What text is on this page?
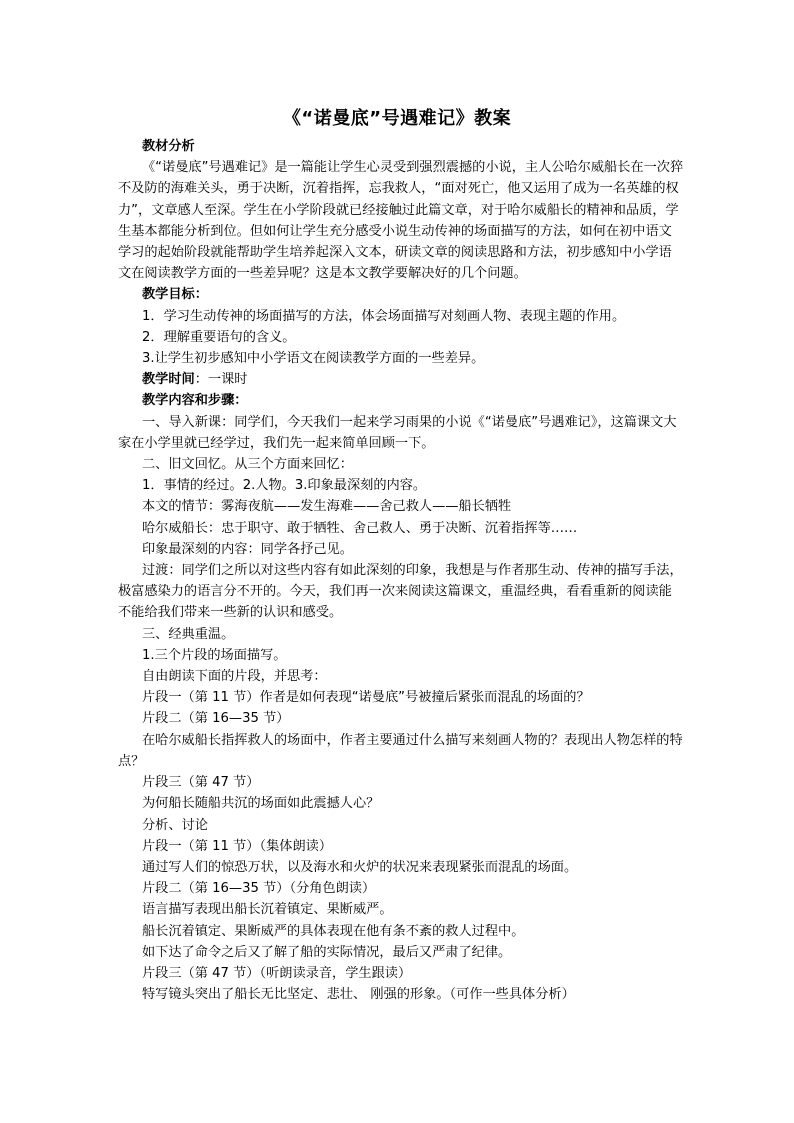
《“诺曼底”号遇难记》教案

教材分析

《“诺曼底”号遇难记》是一篇能让学生心灵受到强烈震撼的小说，主人公哈尔威船长在一次猝不及防的海难关头，勇于决断，沉着指挥，忘我救人，“面对死亡，他又运用了成为一名英雄的权力”，文章感人至深。学生在小学阶段就已经接触过此篇文章，对于哈尔威船长的精神和品质，学生基本都能分析到位。但如何让学生充分感受小说生动传神的场面描写的方法，如何在初中语文学习的起始阶段就能帮助学生培养起深入文本，研读文章的阅读思路和方法，初步感知中小学语文在阅读教学方面的一些差异呢？这是本文教学要解决好的几个问题。

教学目标：

1．学习生动传神的场面描写的方法，体会场面描写对刻画人物、表现主题的作用。

2．理解重要语句的含义。

3.让学生初步感知中小学语文在阅读教学方面的一些差异。

教学时间：一课时

教学内容和步骤：

一、导入新课：同学们，今天我们一起来学习雨果的小说《“诺曼底”号遇难记》，这篇课文大家在小学里就已经学过，我们先一起来简单回顾一下。

二、旧文回忆。从三个方面来回忆：

1．事情的经过。2.人物。3.印象最深刻的内容。

本文的情节：雾海夜航——发生海难——舍己救人——船长牺牲

哈尔威船长：忠于职守、敢于牺牲、舍己救人、勇于决断、沉着指挥等……

印象最深刻的内容：同学各抒己见。

过渡：同学们之所以对这些内容有如此深刻的印象，我想是与作者那生动、传神的描写手法，极富感染力的语言分不开的。今天，我们再一次来阅读这篇课文，重温经典，看看重新的阅读能不能给我们带来一些新的认识和感受。

三、经典重温。

1.三个片段的场面描写。

自由朗读下面的片段，并思考：

片段一（第 11 节）作者是如何表现“诺曼底”号被撞后紧张而混乱的场面的？

片段二（第 16—35 节）

在哈尔威船长指挥救人的场面中，作者主要通过什么描写来刻画人物的？表现出人物怎样的特点？

片段三（第 47 节）

为何船长随船共沉的场面如此震撼人心？

分析、讨论

片段一（第 11 节）（集体朗读）

通过写人们的惊恐万状，以及海水和火炉的状况来表现紧张而混乱的场面。

片段二（第 16—35 节）（分角色朗读）

语言描写表现出船长沉着镇定、果断威严。

船长沉着镇定、果断威严的具体表现在他有条不紊的救人过程中。

如下达了命令之后又了解了船的实际情况，最后又严肃了纪律。

片段三（第 47 节）（听朗读录音，学生跟读）

特写镜头突出了船长无比坚定、悲壮、 刚强的形象。（可作一些具体分析）
